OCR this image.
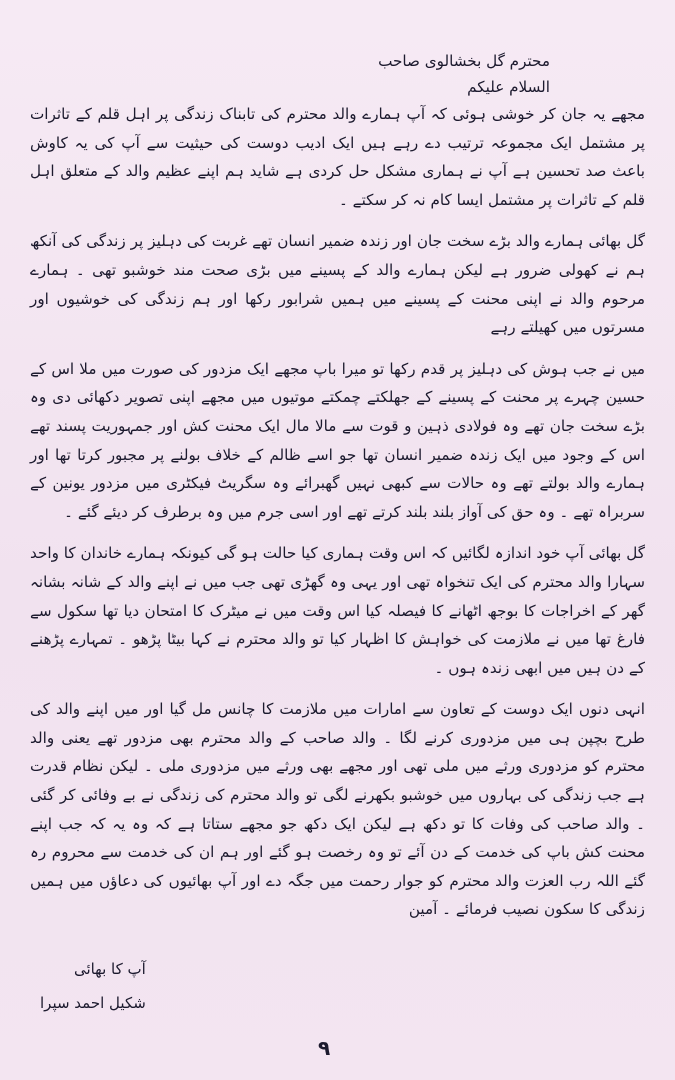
محترم گل بخشالوی صاحب
السلام علیکم

مجھے یہ جان کر خوشی ہوئی کہ آپ ہمارے والد محترم کی تابناک زندگی پر اہل قلم کے تاثرات پر مشتمل ایک مجموعہ ترتیب دے رہے ہیں ایک ادیب دوست کی حیثیت سے آپ کی یہ کاوش باعث صد تحسین ہے آپ نے ہماری مشکل حل کردی ہے شاید ہم اپنے عظیم والد کے متعلق اہل قلم کے تاثرات پر مشتمل ایسا کام نہ کر سکتے ۔

گل بھائی ہمارے والد بڑے سخت جان اور زندہ ضمیر انسان تھے غربت کی دہلیز پر زندگی کی آنکھ ہم نے کھولی ضرور ہے لیکن ہمارے والد کے پسینے میں بڑی صحت مند خوشبو تھی ۔ ہمارے مرحوم والد نے اپنی محنت کے پسینے میں ہمیں شرابور رکھا اور ہم زندگی کی خوشیوں اور مسرتوں میں کھیلتے رہے

میں نے جب ہوش کی دہلیز پر قدم رکھا تو میرا باپ مجھے ایک مزدور کی صورت میں ملا اس کے حسین چہرے پر محنت کے پسینے کے جھلکتے چمکتے موتیوں میں مجھے اپنی تصویر دکھائی دی وہ بڑے سخت جان تھے وہ فولادی ذہین و قوت سے مالا مال ایک محنت کش اور جمہوریت پسند تھے اس کے وجود میں ایک زندہ ضمیر انسان تھا جو اسے ظالم کے خلاف بولنے پر مجبور کرتا تھا اور ہمارے والد بولتے تھے وہ حالات سے کبھی نہیں گھبرائے وہ سگریٹ فیکٹری میں مزدور یونین کے سربراہ تھے ۔ وہ حق کی آواز بلند بلند کرتے تھے اور اسی جرم میں وہ برطرف کر دیئے گئے ۔

گل بھائی آپ خود اندازہ لگائیں کہ اس وقت ہماری کیا حالت ہو گی کیونکہ ہمارے خاندان کا واحد سہارا والد محترم کی ایک تنخواہ تھی اور یہی وہ گھڑی تھی جب میں نے اپنے والد کے شانہ بشانہ گھر کے اخراجات کا بوجھ اٹھانے کا فیصلہ کیا اس وقت میں نے میٹرک کا امتحان دیا تھا سکول سے فارغ تھا میں نے ملازمت کی خواہش کا اظہار کیا تو والد محترم نے کہا بیٹا پڑھو ۔ تمہارے پڑھنے کے دن ہیں میں ابھی زندہ ہوں ۔

انہی دنوں ایک دوست کے تعاون سے امارات میں ملازمت کا چانس مل گیا اور میں اپنے والد کی طرح بچپن ہی میں مزدوری کرنے لگا ۔ والد صاحب کے والد محترم بھی مزدور تھے یعنی والد محترم کو مزدوری ورثے میں ملی تھی اور مجھے بھی ورثے میں مزدوری ملی ۔ لیکن نظام قدرت ہے جب زندگی کی بہاروں میں خوشبو بکھرنے لگی تو والد محترم کی زندگی نے بے وفائی کر گئی ۔ والد صاحب کی وفات کا تو دکھ ہے لیکن ایک دکھ جو مجھے ستاتا ہے کہ وہ یہ کہ جب اپنے محنت کش باپ کی خدمت کے دن آئے تو وہ رخصت ہو گئے اور ہم ان کی خدمت سے محروم رہ گئے اللہ رب العزت والد محترم کو جوار رحمت میں جگہ دے اور آپ بھائیوں کی دعاؤں میں ہمیں زندگی کا سکون نصیب فرمائے ۔ آمین

آپ کا بھائی
شکیل احمد سپرا
۹
